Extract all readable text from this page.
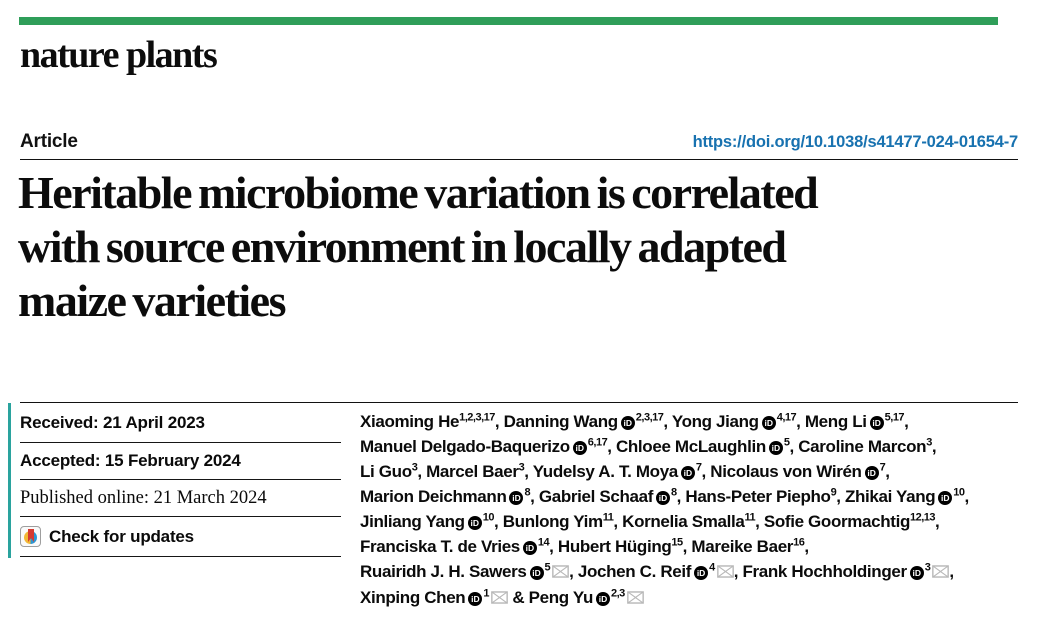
nature plants
Article	https://doi.org/10.1038/s41477-024-01654-7
Heritable microbiome variation is correlated
with source environment in locally adapted
maize varieties
Received: 21 April 2023
Accepted: 15 February 2024
Published online: 21 March 2024
Check for updates
Xiaoming He$^{1,2,3,17}$, Danning Wang iD $^{2,3,17}$, Yong Jiang iD $^{4,17}$, Meng Li iD $^{5,17}$,
Manuel Delgado-Baquerizo iD $^{6,17}$, Chloee McLaughlin iD $^5$, Caroline Marcon$^3$,
Li Guo$^3$, Marcel Baer$^3$, Yudelsy A. T. Moya iD $^7$, Nicolaus von Wirén iD $^7$,
Marion Deichmann iD $^8$, Gabriel Schaaf iD $^8$, Hans-Peter Piepho$^9$, Zhikai Yang iD $^{10}$,
Jinliang Yang iD $^{10}$, Bunlong Yim$^{11}$, Kornelia Smalla$^{11}$, Sofie Goormachtig$^{12,13}$,
Franciska T. de Vries iD $^{14}$, Hubert Hüging$^{15}$, Mareike Baer$^{16}$,
Ruairidh J. H. Sawers iD $^5$ , Jochen C. Reif iD $^4$ , Frank Hochholdinger iD $^3$ ,
Xinping Chen iD $^1$ & Peng Yu iD $^{2,3}$
